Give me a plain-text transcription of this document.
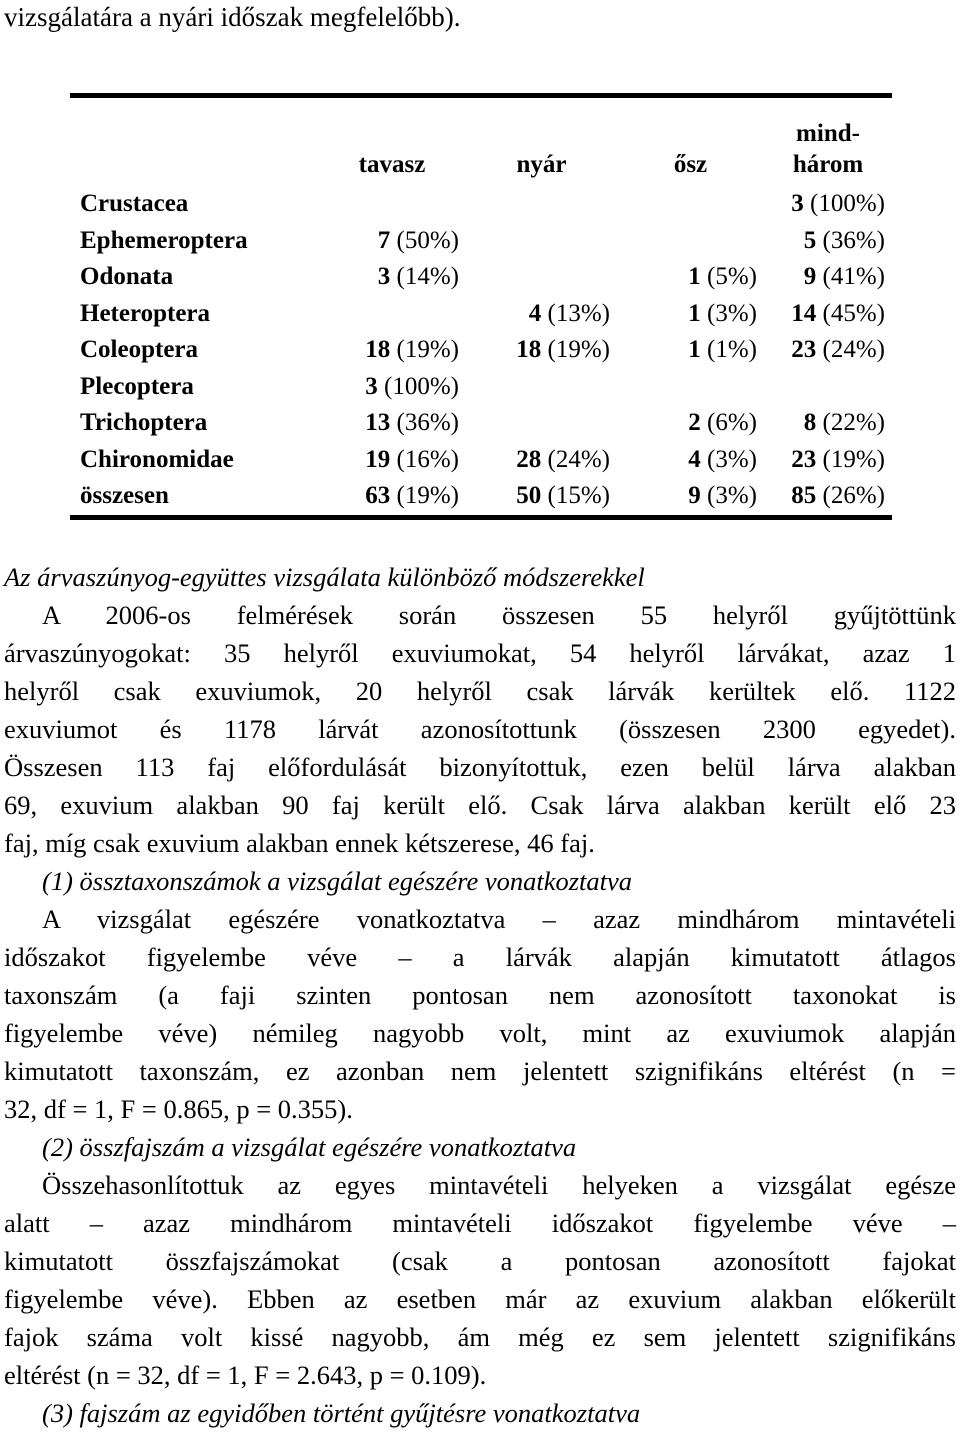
vizsgálatára a nyári időszak megfelelőbb).
	tavasz	nyár	ősz	mind-
három
Crustacea				3 (100%)
Ephemeroptera	7 (50%)			5 (36%)
Odonata	3 (14%)		1 (5%)	9 (41%)
Heteroptera		4 (13%)	1 (3%)	14 (45%)
Coleoptera	18 (19%)	18 (19%)	1 (1%)	23 (24%)
Plecoptera	3 (100%)			
Trichoptera	13 (36%)		2 (6%)	8 (22%)
Chironomidae	19 (16%)	28 (24%)	4 (3%)	23 (19%)
összesen	63 (19%)	50 (15%)	9 (3%)	85 (26%)
Az árvaszúnyog-együttes vizsgálata különböző módszerekkel
A 2006-os felmérések során összesen 55 helyről gyűjtöttünk
árvaszúnyogokat: 35 helyről exuviumokat, 54 helyről lárvákat, azaz 1
helyről csak exuviumok, 20 helyről csak lárvák kerültek elő. 1122
exuviumot és 1178 lárvát azonosítottunk (összesen 2300 egyedet).
Összesen 113 faj előfordulását bizonyítottuk, ezen belül lárva alakban
69, exuvium alakban 90 faj került elő. Csak lárva alakban került elő 23
faj, míg csak exuvium alakban ennek kétszerese, 46 faj.
(1) össztaxonszámok a vizsgálat egészére vonatkoztatva
A vizsgálat egészére vonatkoztatva – azaz mindhárom mintavételi
időszakot figyelembe véve – a lárvák alapján kimutatott átlagos
taxonszám (a faji szinten pontosan nem azonosított taxonokat is
figyelembe véve) némileg nagyobb volt, mint az exuviumok alapján
kimutatott taxonszám, ez azonban nem jelentett szignifikáns eltérést (n =
32, df = 1, F = 0.865, p = 0.355).
(2) összfajszám a vizsgálat egészére vonatkoztatva
Összehasonlítottuk az egyes mintavételi helyeken a vizsgálat egésze
alatt – azaz mindhárom mintavételi időszakot figyelembe véve –
kimutatott összfajszámokat (csak a pontosan azonosított fajokat
figyelembe véve). Ebben az esetben már az exuvium alakban előkerült
fajok száma volt kissé nagyobb, ám még ez sem jelentett szignifikáns
eltérést (n = 32, df = 1, F = 2.643, p = 0.109).
(3) fajszám az egyidőben történt gyűjtésre vonatkoztatva
